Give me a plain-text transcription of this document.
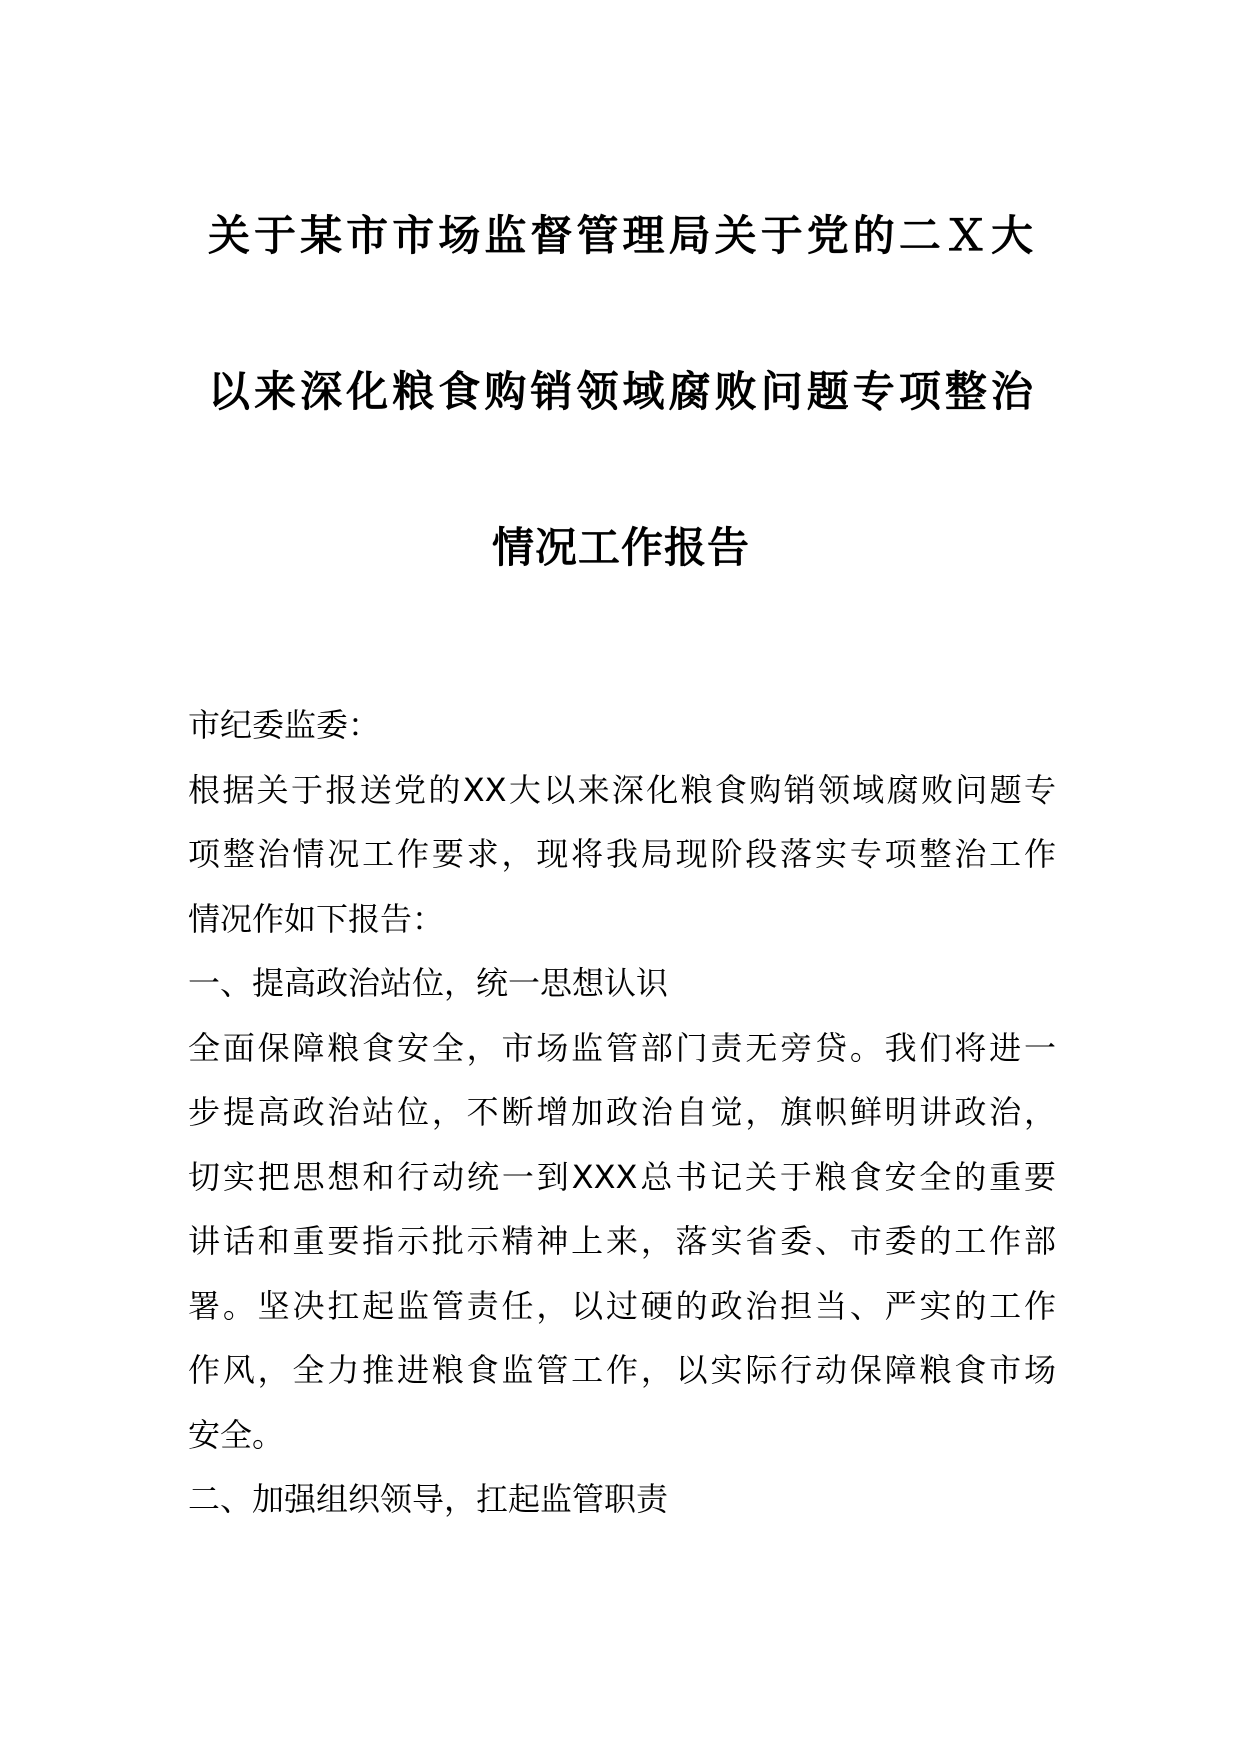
关于某市市场监督管理局关于党的二Ｘ大
以来深化粮食购销领域腐败问题专项整治
情况工作报告
市纪委监委：
根据关于报送党的XX大以来深化粮食购销领域腐败问题专
项整治情况工作要求，现将我局现阶段落实专项整治工作
情况作如下报告：
一、提高政治站位，统一思想认识
全面保障粮食安全，市场监管部门责无旁贷。我们将进一
步提高政治站位，不断增加政治自觉，旗帜鲜明讲政治，
切实把思想和行动统一到XXX总书记关于粮食安全的重要
讲话和重要指示批示精神上来，落实省委、市委的工作部
署。坚决扛起监管责任，以过硬的政治担当、严实的工作
作风，全力推进粮食监管工作，以实际行动保障粮食市场
安全。
二、加强组织领导，扛起监管职责
